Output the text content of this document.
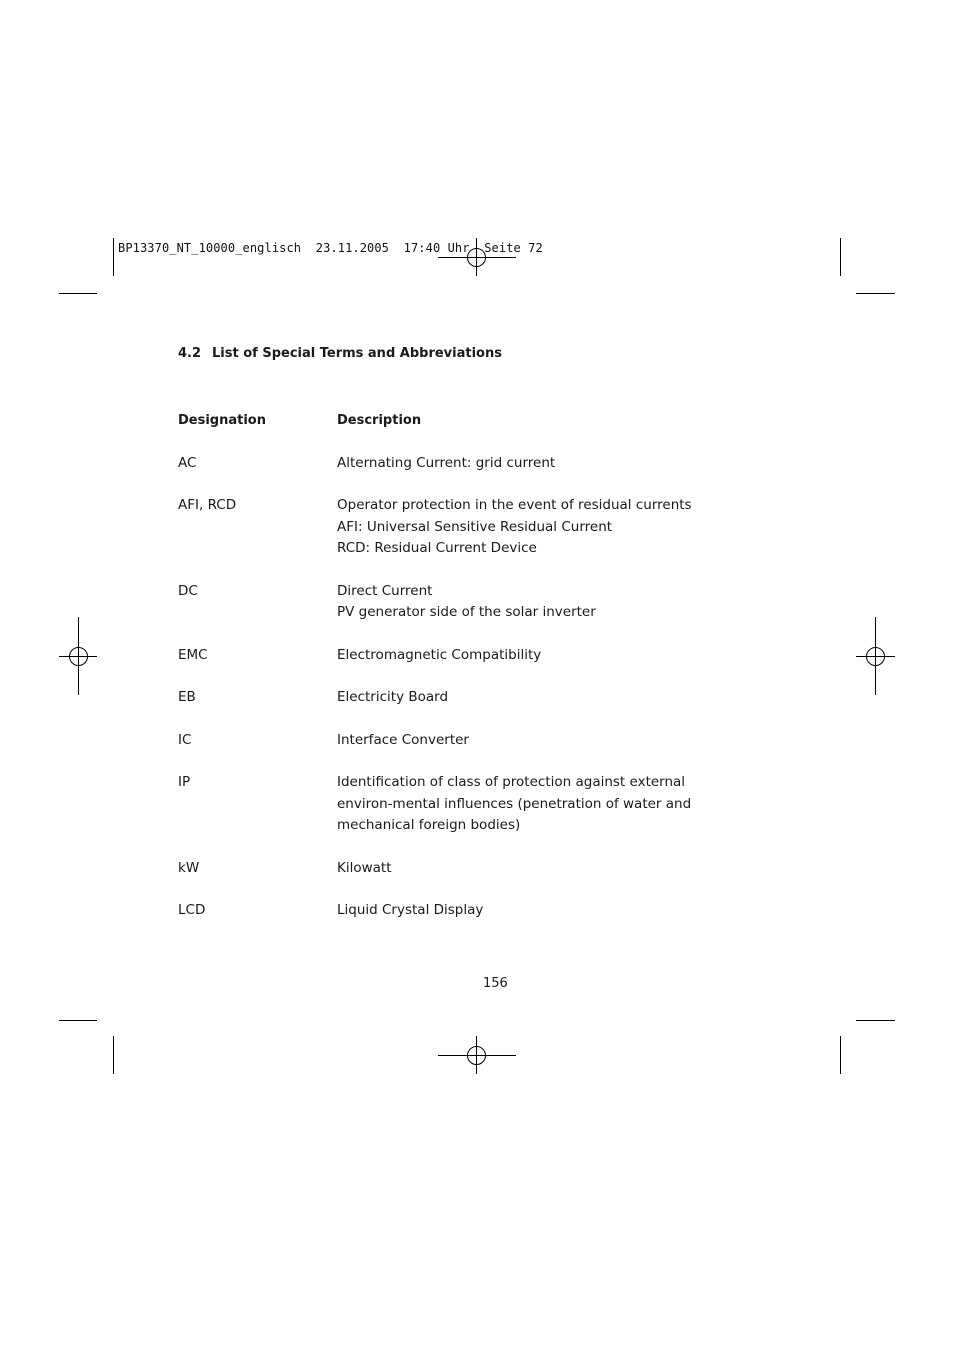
BP13370_NT_10000_englisch  23.11.2005  17:40 Uhr  Seite 72
4.2 List of Special Terms and Abbreviations
Designation	Description
AC	Alternating Current: grid current
AFI, RCD	Operator protection in the event of residual currents
AFI: Universal Sensitive Residual Current
RCD: Residual Current Device
DC	Direct Current
PV generator side of the solar inverter
EMC	Electromagnetic Compatibility
EB	Electricity Board
IC	Interface Converter
IP	Identification of class of protection against external
environ-mental influences (penetration of water and
mechanical foreign bodies)
kW	Kilowatt
LCD	Liquid Crystal Display
156
